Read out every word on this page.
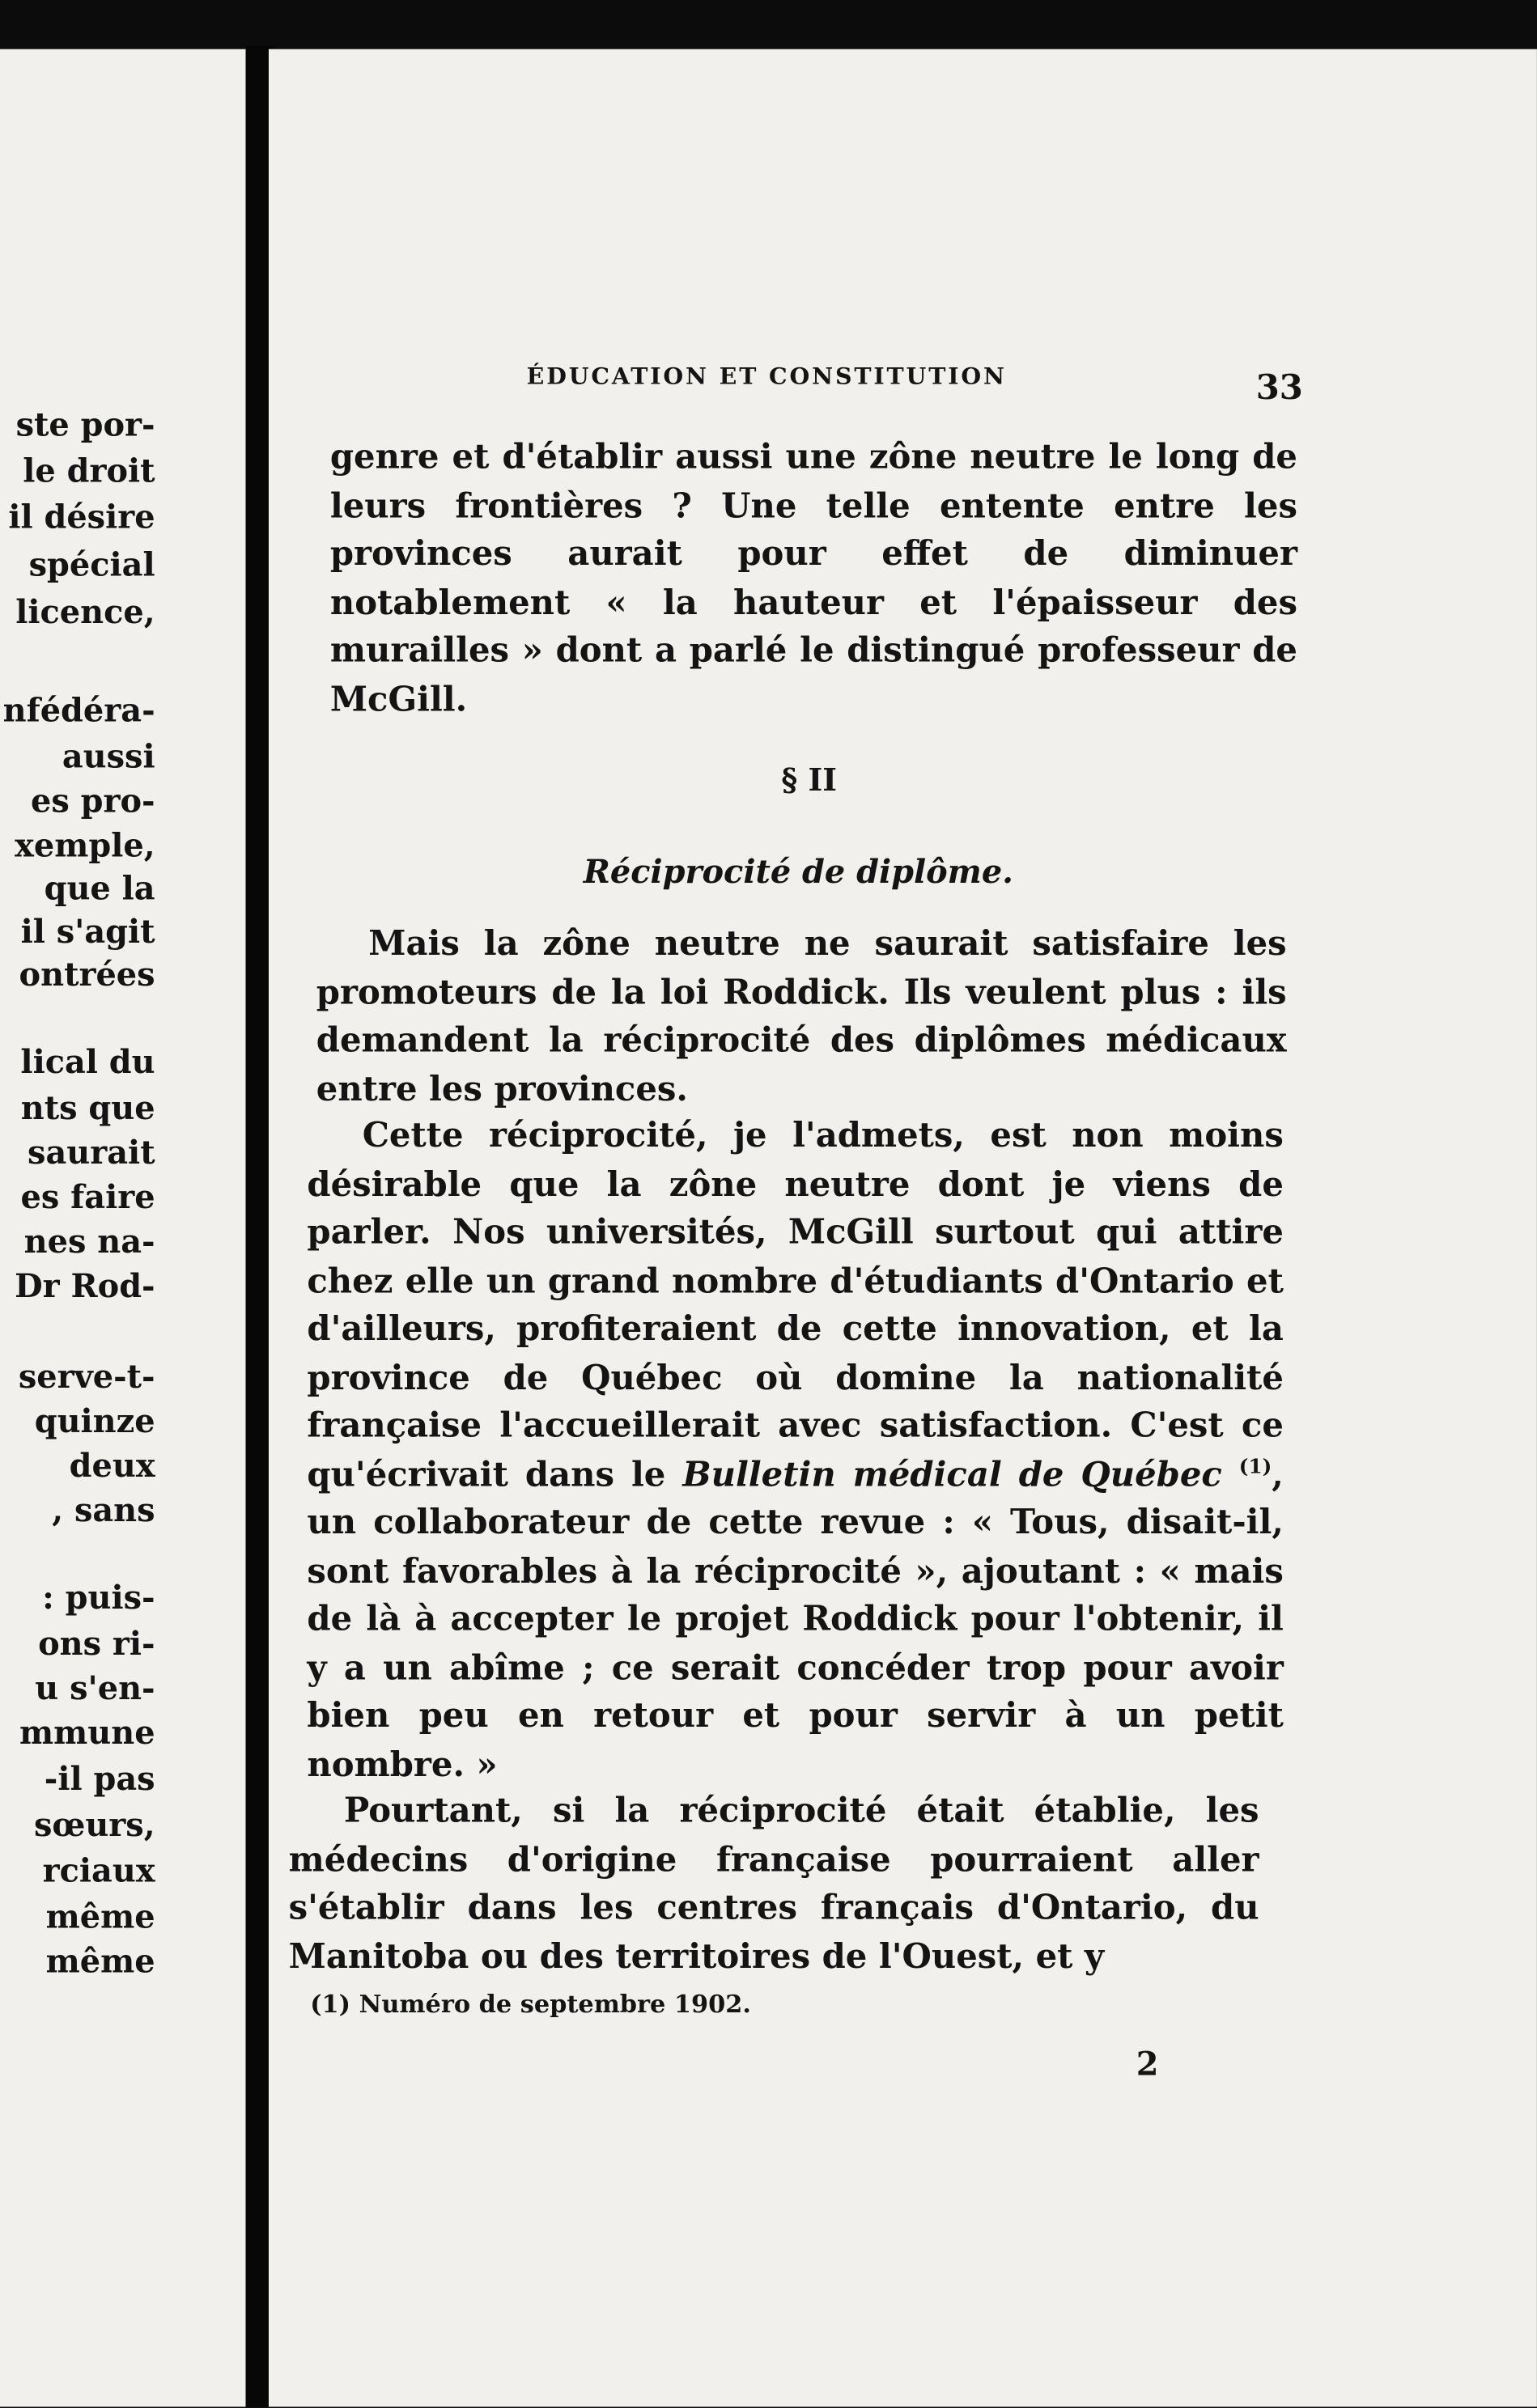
ÉDUCATION ET CONSTITUTION	33
genre et d'établir aussi une zône neutre le long de leurs frontières ? Une telle entente entre les provinces aurait pour effet de diminuer notablement « la hauteur et l'épaisseur des murailles » dont a parlé le distingué professeur de McGill.
§ II
Réciprocité de diplôme.
Mais la zône neutre ne saurait satisfaire les promoteurs de la loi Roddick. Ils veulent plus : ils demandent la réciprocité des diplômes médicaux entre les provinces.
Cette réciprocité, je l'admets, est non moins désirable que la zône neutre dont je viens de parler. Nos universités, McGill surtout qui attire chez elle un grand nombre d'étudiants d'Ontario et d'ailleurs, profiteraient de cette innovation, et la province de Québec où domine la nationalité française l'accueillerait avec satisfaction. C'est ce qu'écrivait dans le Bulletin médical de Québec $^{(1)}$, un collaborateur de cette revue : « Tous, disait-il, sont favorables à la réciprocité », ajoutant : « mais de là à accepter le projet Roddick pour l'obtenir, il y a un abîme ; ce serait concéder trop pour avoir bien peu en retour et pour servir à un petit nombre. »
Pourtant, si la réciprocité était établie, les médecins d'origine française pourraient aller s'établir dans les centres français d'Ontario, du Manitoba ou des territoires de l'Ouest, et y
(1) Numéro de septembre 1902.
2
ste por-
le droit
il désire
spécial
licence,
nfédéra-
aussi
es pro-
xemple,
que la
il s'agit
ontrées
lical du
nts que
saurait
es faire
nes na-
Dr Rod-
serve-t-
quinze
deux
, sans
: puis-
ons ri-
u s'en-
mmune
-il pas
sœurs,
rciaux
même
même
